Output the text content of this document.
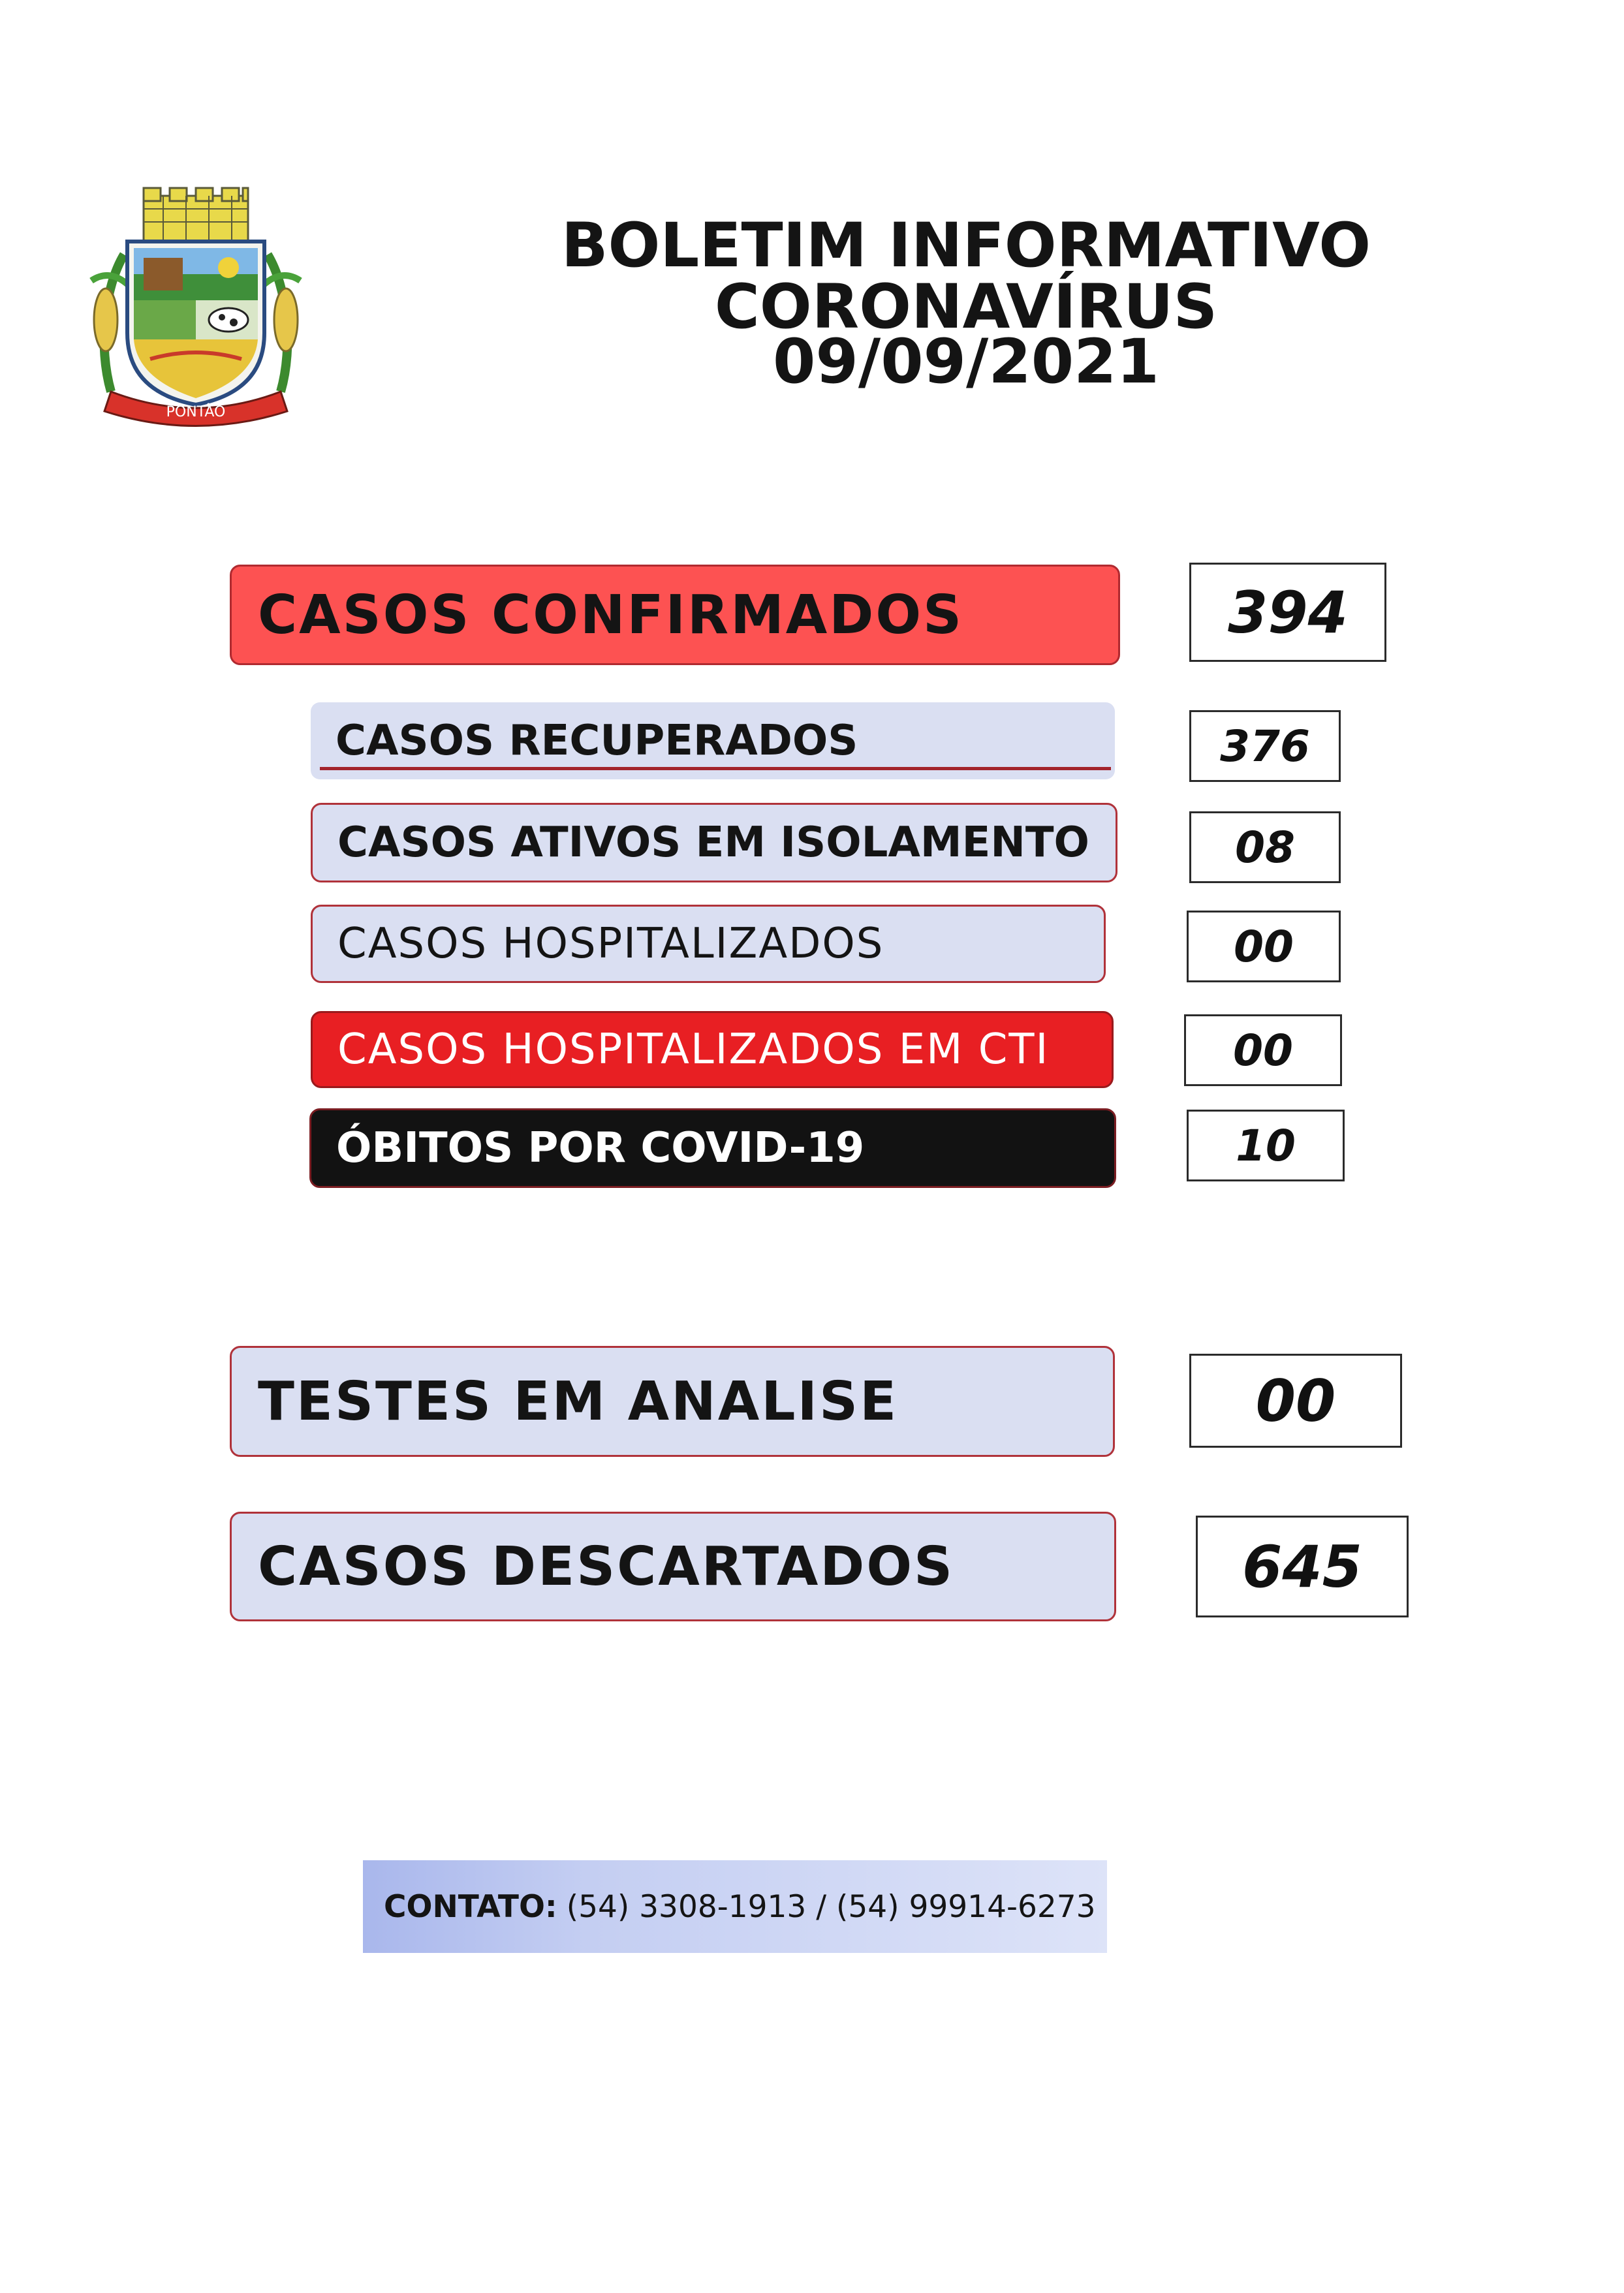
PONTÃO
BOLETIM INFORMATIVO CORONAVÍRUS
09/09/2021
CASOS CONFIRMADOS	394
CASOS RECUPERADOS	376
CASOS ATIVOS EM ISOLAMENTO	08
CASOS HOSPITALIZADOS	00
CASOS HOSPITALIZADOS EM CTI	00
ÓBITOS POR COVID-19	10
TESTES EM ANALISE	00
CASOS DESCARTADOS	645
CONTATO: (54) 3308-1913 / (54) 99914-6273
